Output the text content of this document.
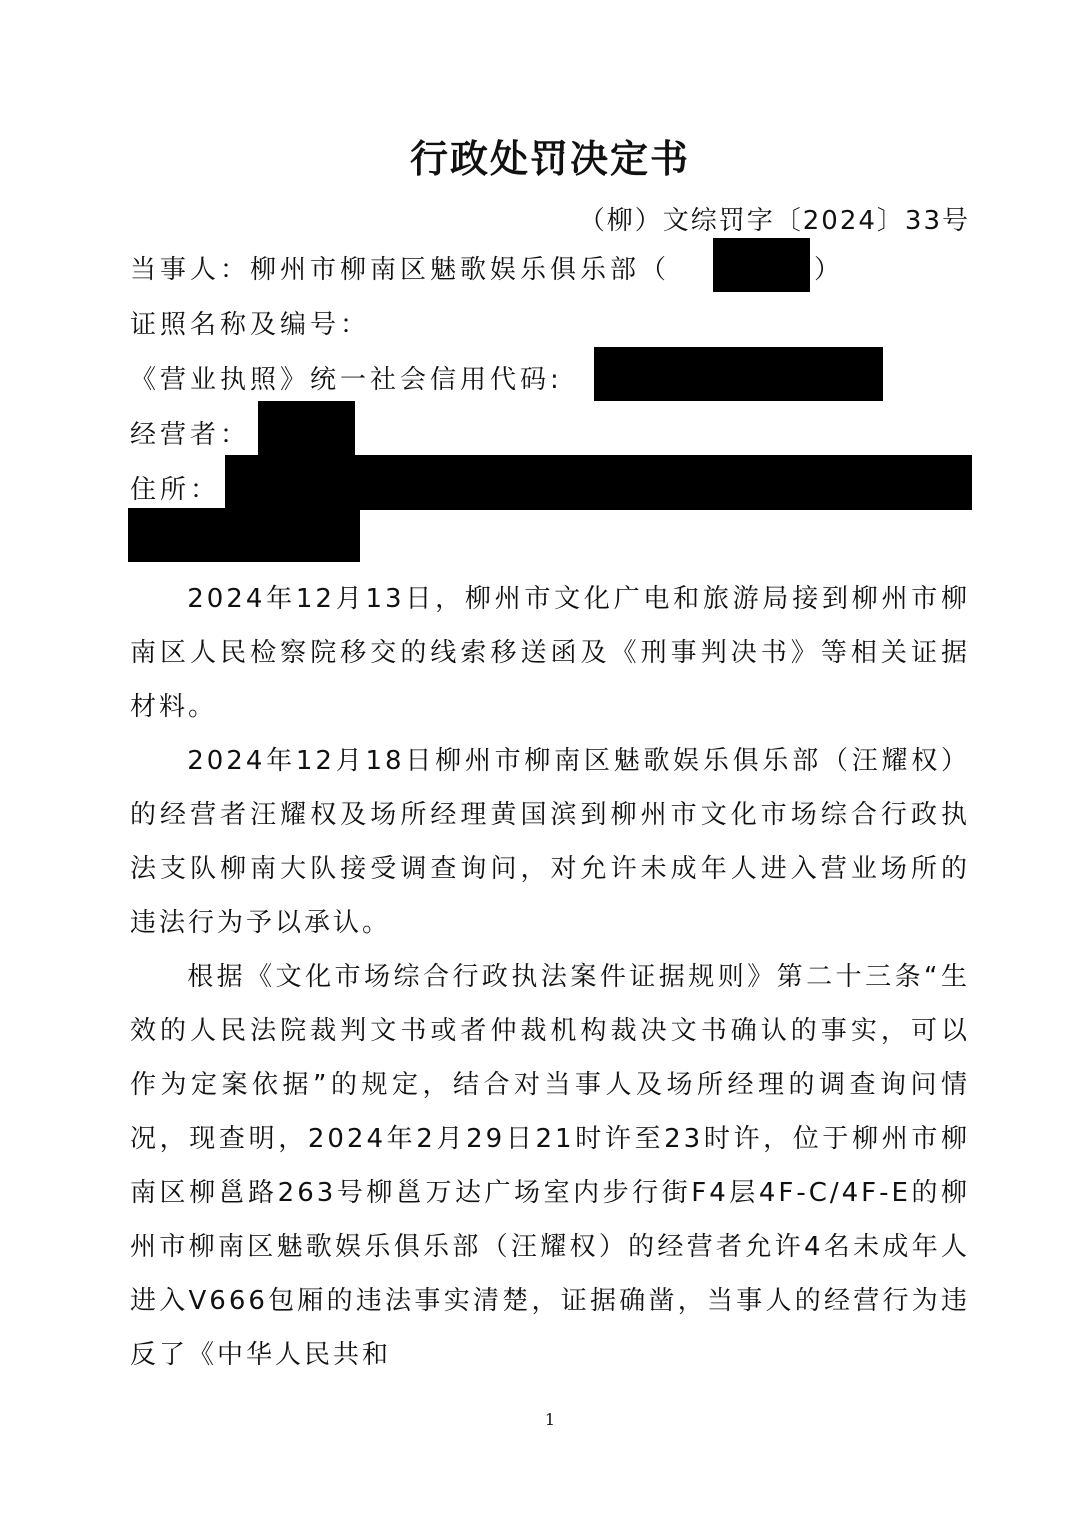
行政处罚决定书
（柳）文综罚字〔2024〕33号
当事人：柳州市柳南区魅歌娱乐俱乐部（	）
证照名称及编号：
《营业执照》统一社会信用代码:
经营者：
住所：

2024年12月13日，柳州市文化广电和旅游局接到柳州市柳南区人民检察院移交的线索移送函及《刑事判决书》等相关证据材料。

2024年12月18日柳州市柳南区魅歌娱乐俱乐部（汪耀权）的经营者汪耀权及场所经理黄国滨到柳州市文化市场综合行政执法支队柳南大队接受调查询问，对允许未成年人进入营业场所的违法行为予以承认。

根据《文化市场综合行政执法案件证据规则》第二十三条“生效的人民法院裁判文书或者仲裁机构裁决文书确认的事实，可以作为定案依据”的规定，结合对当事人及场所经理的调查询问情况，现查明，2024年2月29日21时许至23时许，位于柳州市柳南区柳邕路263号柳邕万达广场室内步行街F4层4F-C/4F-E的柳州市柳南区魅歌娱乐俱乐部（汪耀权）的经营者允许4名未成年人进入V666包厢的违法事实清楚，证据确凿，当事人的经营行为违反了《中华人民共和

1
